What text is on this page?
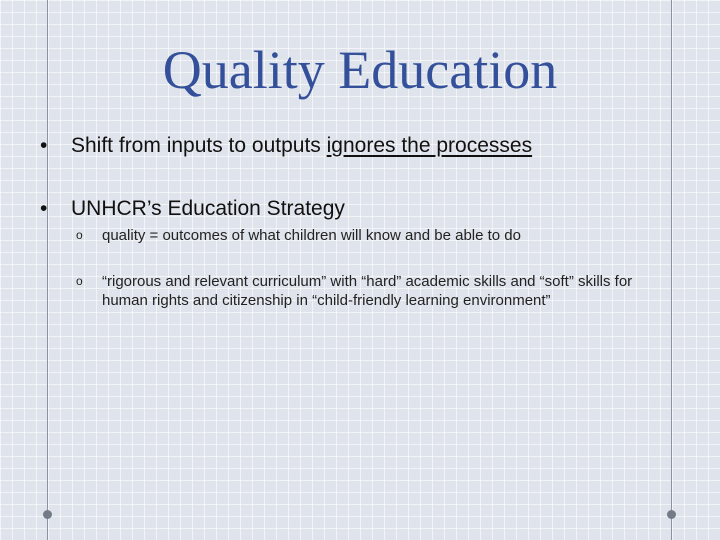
Quality Education
• Shift from inputs to outputs ignores the processes
• UNHCR’s Education Strategy
o quality = outcomes of what children will know and be able to do
o “rigorous and relevant curriculum” with “hard” academic skills and “soft” skills for human rights and citizenship in “child-friendly learning environment”
